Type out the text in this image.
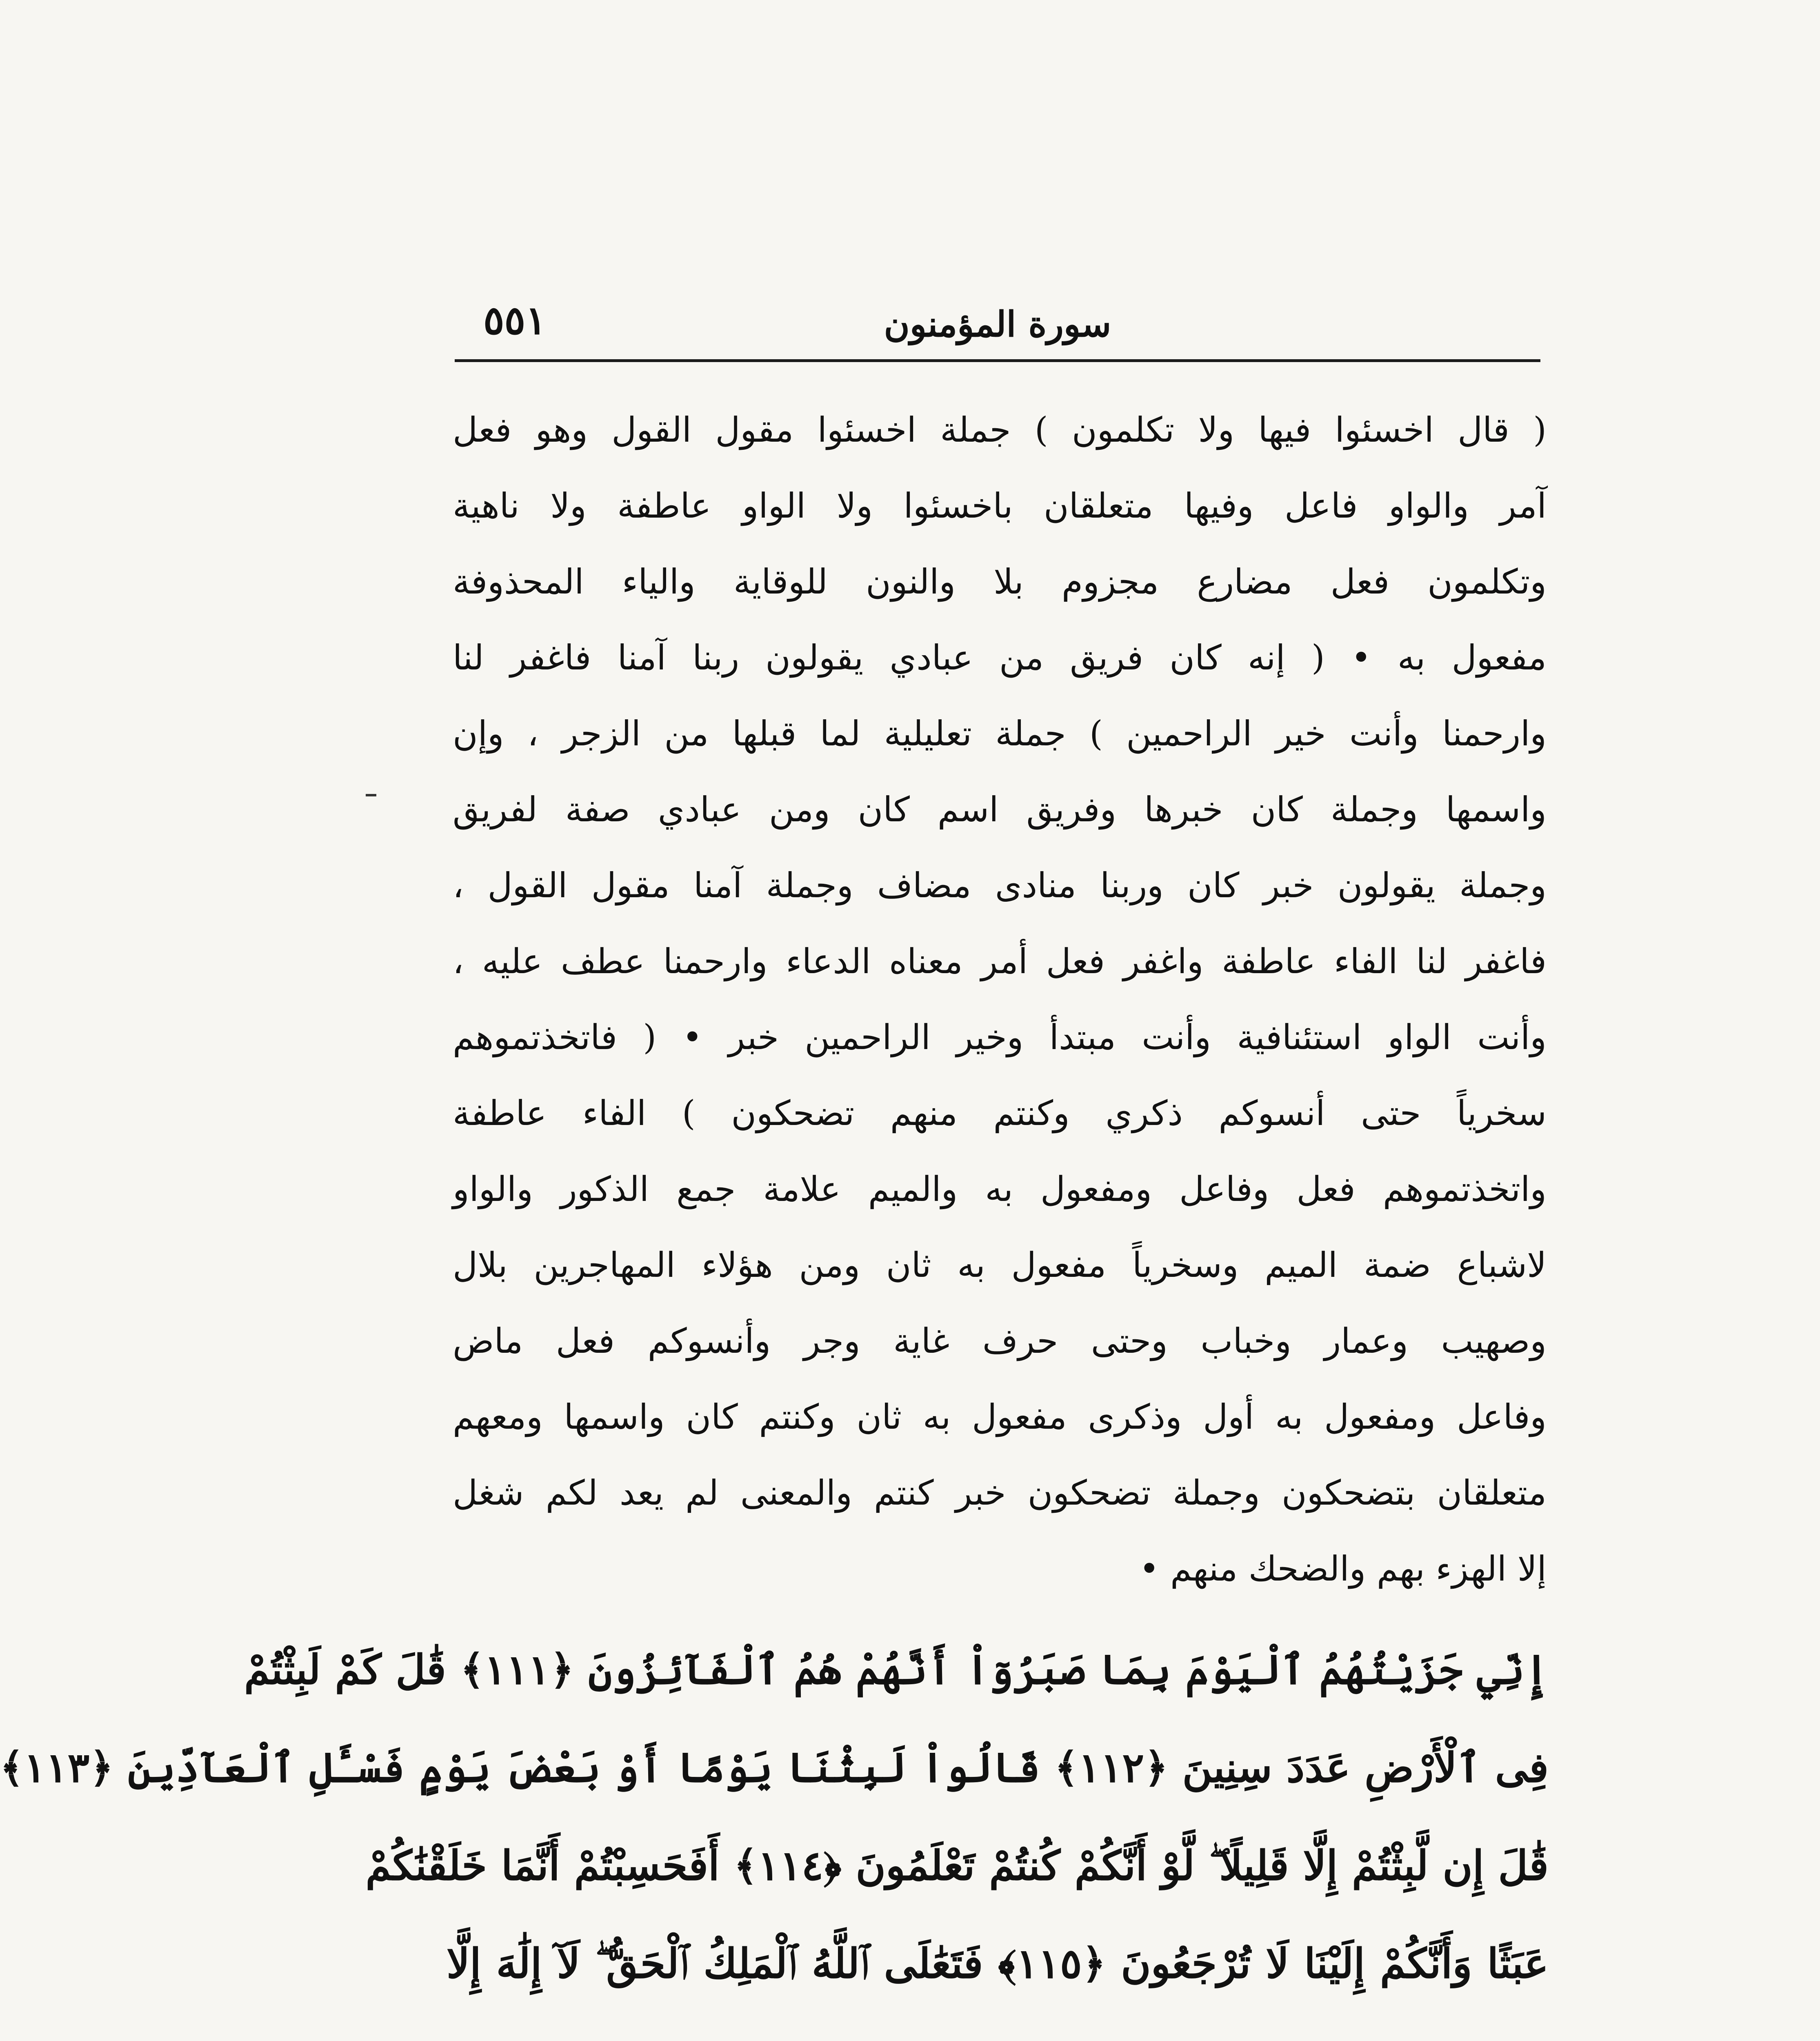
سورة المؤمنون
٥٥١
( قال اخسئوا فيها ولا تكلمون ) جملة اخسئوا مقول القول وهو فعل
آمر والواو فاعل وفيها متعلقان باخسئوا ولا الواو عاطفة ولا ناهية
وتكلمون فعل مضارع مجزوم بلا والنون للوقاية والياء المحذوفة
مفعول به • ( إنه كان فريق من عبادي يقولون ربنا آمنا فاغفر لنا
وارحمنا وأنت خير الراحمين ) جملة تعليلية لما قبلها من الزجر ، وإن
واسمها وجملة كان خبرها وفريق اسم كان ومن عبادي صفة لفريق
وجملة يقولون خبر كان وربنا منادى مضاف وجملة آمنا مقول القول ،
فاغفر لنا الفاء عاطفة واغفر فعل أمر معناه الدعاء وارحمنا عطف عليه ،
وأنت الواو استئنافية وأنت مبتدأ وخير الراحمين خبر • ( فاتخذتموهم
سخرياً حتى أنسوكم ذكري وكنتم منهم تضحكون ) الفاء عاطفة
واتخذتموهم فعل وفاعل ومفعول به والميم علامة جمع الذكور والواو
لاشباع ضمة الميم وسخرياً مفعول به ثان ومن هؤلاء المهاجرين بلال
وصهيب وعمار وخباب وحتى حرف غاية وجر وأنسوكم فعل ماض
وفاعل ومفعول به أول وذكرى مفعول به ثان وكنتم كان واسمها ومعهم
متعلقان بتضحكون وجملة تضحكون خبر كنتم والمعنى لم يعد لكم شغل
إلا الهزء بهم والضحك منهم •
إِنِّي جَزَيْتُهُمُ ٱلْيَوْمَ بِمَا صَبَرُوٓاْ أَنَّهُمْ هُمُ ٱلْفَآئِزُونَ ﴿١١١﴾ قَٰلَ كَمْ لَبِثْتُمْ
فِى ٱلْأَرْضِ عَدَدَ سِنِينَ ﴿١١٢﴾ قَالُواْ لَبِثْنَا يَوْمًا أَوْ بَعْضَ يَوْمٍ فَسْـَٔلِ ٱلْعَآدِّينَ ﴿١١٣﴾
قَٰلَ إِن لَّبِثْتُمْ إِلَّا قَلِيلًا ۖ لَّوْ أَنَّكُمْ كُنتُمْ تَعْلَمُونَ ﴿١١٤﴾ أَفَحَسِبْتُمْ أَنَّمَا خَلَقْنَٰكُمْ
عَبَثًا وَأَنَّكُمْ إِلَيْنَا لَا تُرْجَعُونَ ﴿١١٥﴾ فَتَعَٰلَى ٱللَّهُ ٱلْمَلِكُ ٱلْحَقُّ ۖ لَآ إِلَٰهَ إِلَّا
